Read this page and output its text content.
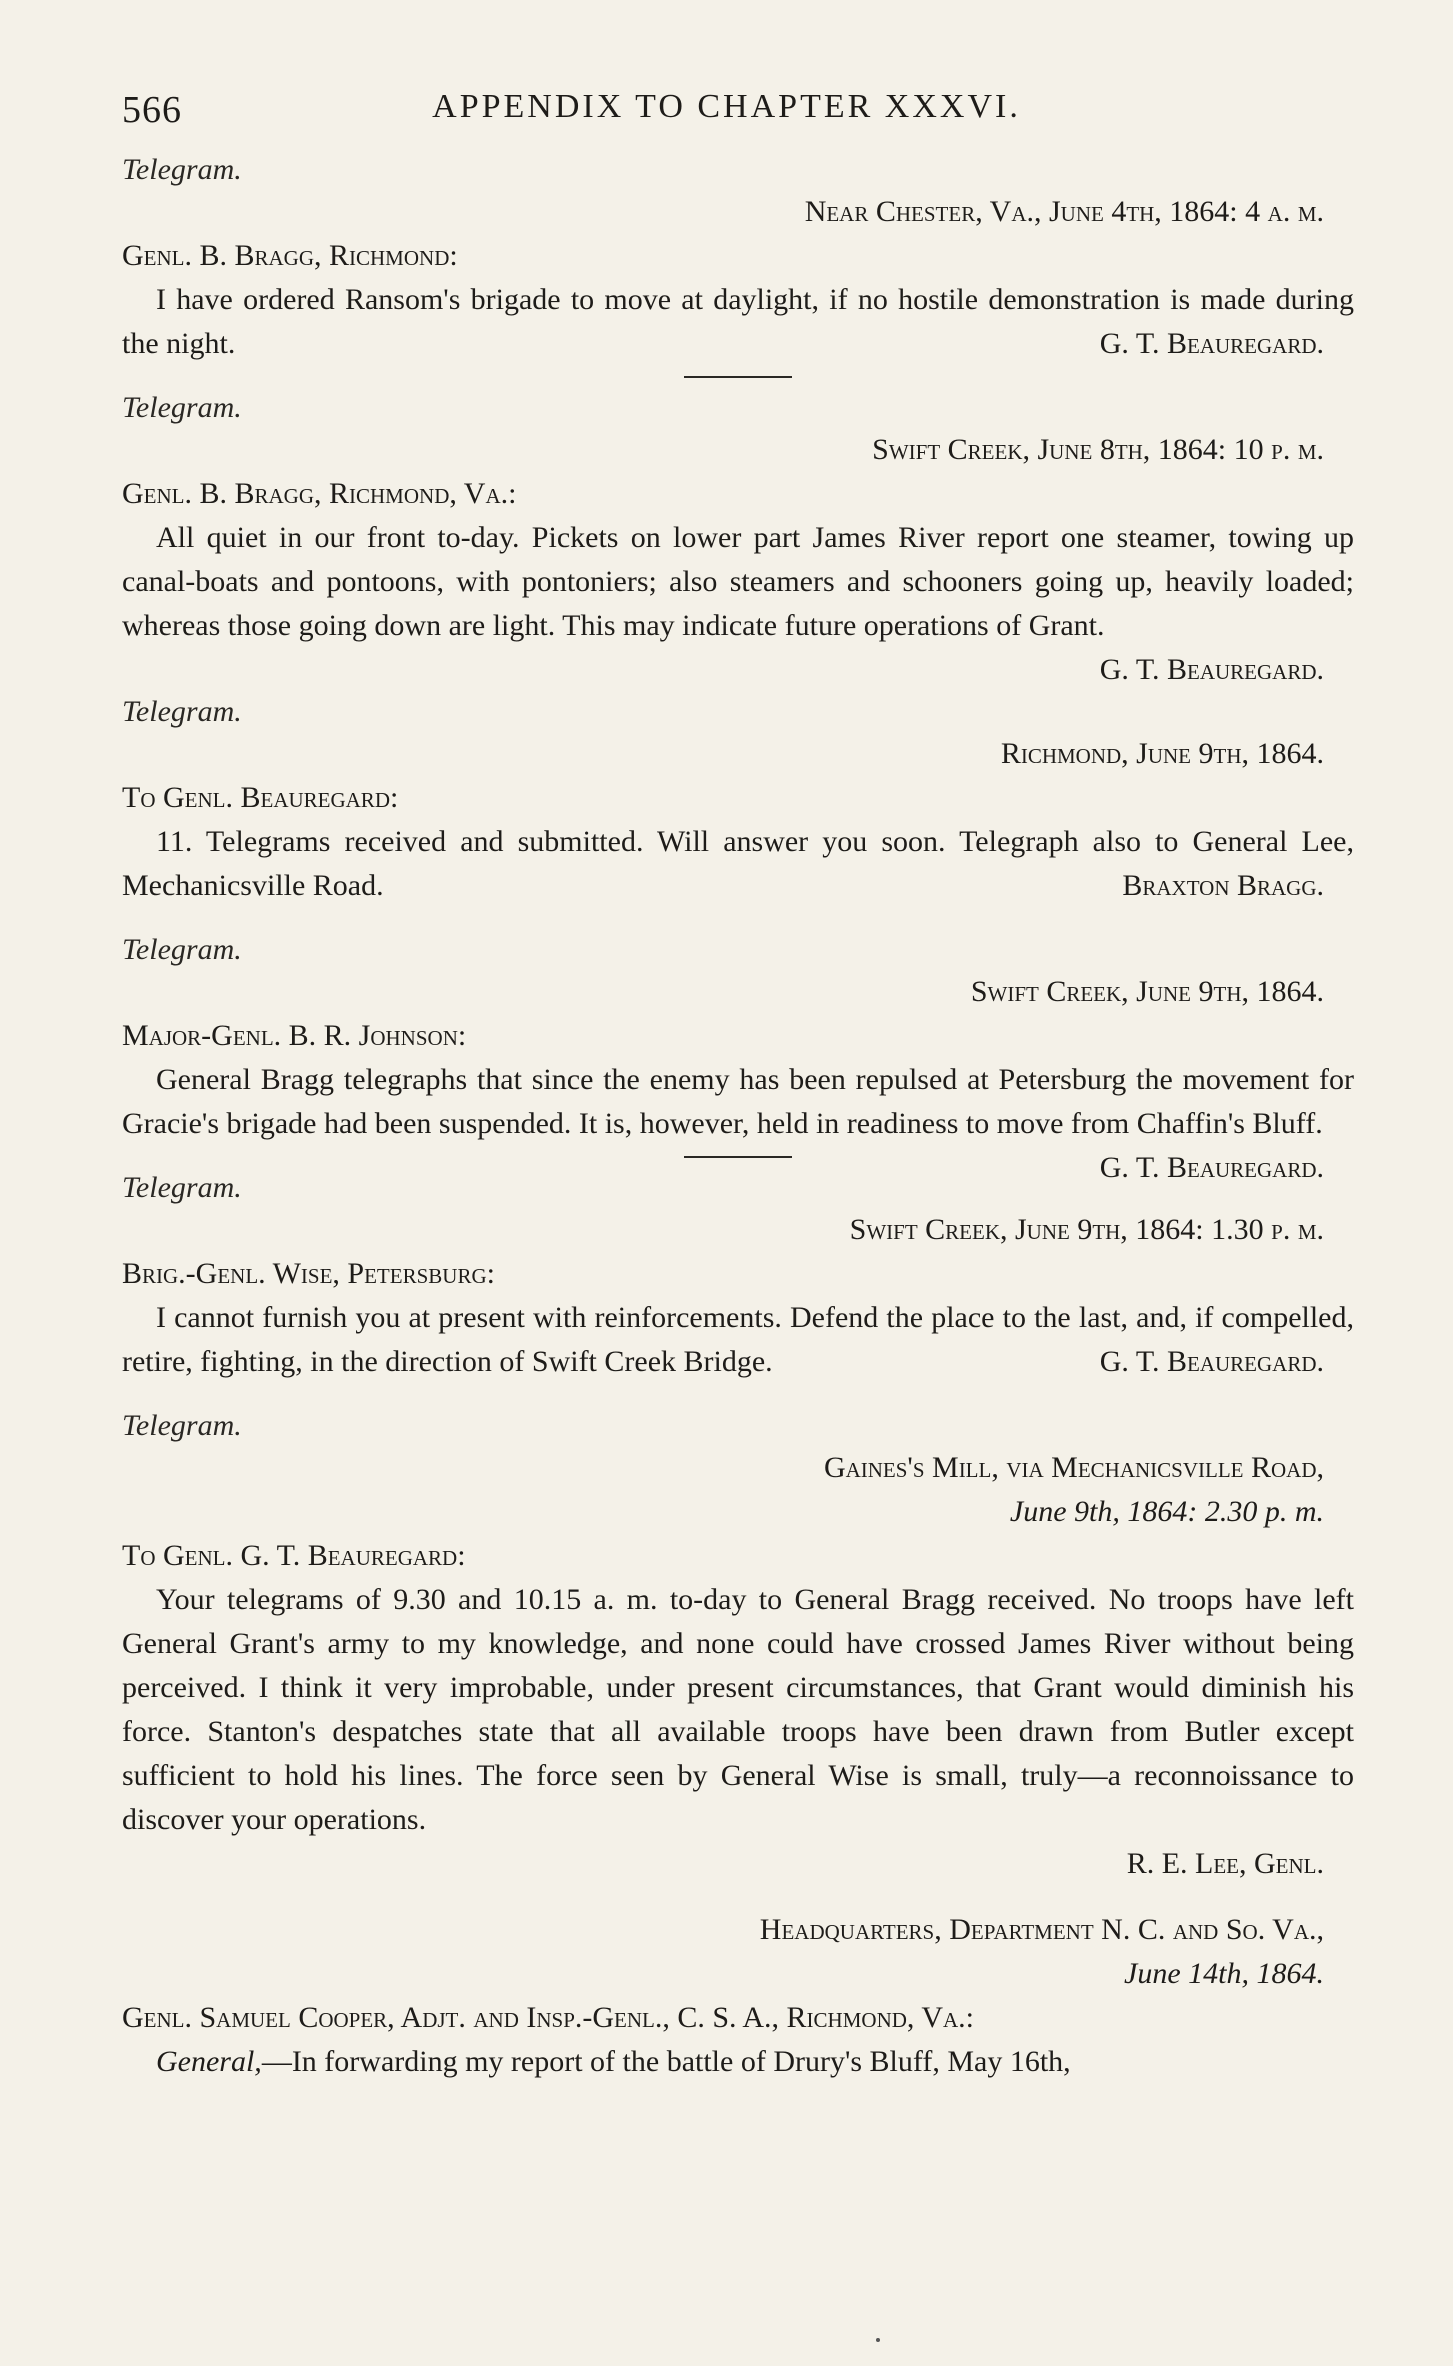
566	APPENDIX TO CHAPTER XXXVI.
Telegram.
Near Chester, Va., June 4th, 1864: 4 a. m.
Genl. B. Bragg, Richmond:
I have ordered Ransom's brigade to move at daylight, if no hostile demonstration is made during the night.	G. T. Beauregard.
Telegram.
Swift Creek, June 8th, 1864: 10 p. m.
Genl. B. Bragg, Richmond, Va.:
All quiet in our front to-day. Pickets on lower part James River report one steamer, towing up canal-boats and pontoons, with pontoniers; also steamers and schooners going up, heavily loaded; whereas those going down are light. This may indicate future operations of Grant.
G. T. Beauregard.
Telegram.
Richmond, June 9th, 1864.
To Genl. Beauregard:
11. Telegrams received and submitted. Will answer you soon. Telegraph also to General Lee, Mechanicsville Road.	Braxton Bragg.
Telegram.
Swift Creek, June 9th, 1864.
Major-Genl. B. R. Johnson:
General Bragg telegraphs that since the enemy has been repulsed at Petersburg the movement for Gracie's brigade had been suspended. It is, however, held in readiness to move from Chaffin's Bluff.
G. T. Beauregard.
Telegram.
Swift Creek, June 9th, 1864: 1.30 p. m.
Brig.-Genl. Wise, Petersburg:
I cannot furnish you at present with reinforcements. Defend the place to the last, and, if compelled, retire, fighting, in the direction of Swift Creek Bridge.	G. T. Beauregard.
Telegram.
Gaines's Mill, via Mechanicsville Road,
June 9th, 1864: 2.30 p. m.
To Genl. G. T. Beauregard:
Your telegrams of 9.30 and 10.15 a. m. to-day to General Bragg received. No troops have left General Grant's army to my knowledge, and none could have crossed James River without being perceived. I think it very improbable, under present circumstances, that Grant would diminish his force. Stanton's despatches state that all available troops have been drawn from Butler except sufficient to hold his lines. The force seen by General Wise is small, truly—a reconnoissance to discover your operations.
R. E. Lee, Genl.
Headquarters, Department N. C. and So. Va.,
June 14th, 1864.
Genl. Samuel Cooper, Adjt. and Insp.-Genl., C. S. A., Richmond, Va.:
General,—In forwarding my report of the battle of Drury's Bluff, May 16th,
